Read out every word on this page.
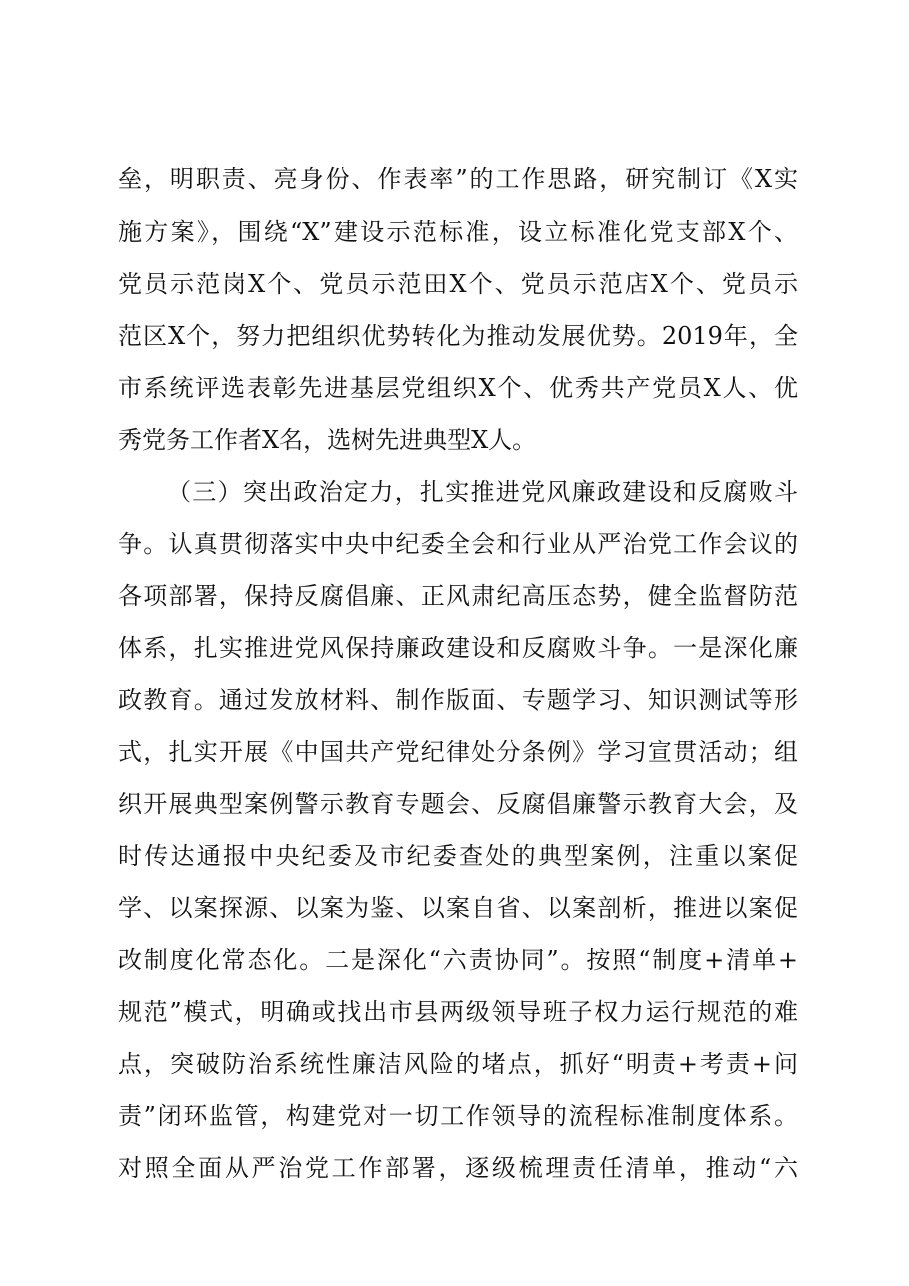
垒，明职责、亮身份、作表率”的工作思路，研究制订《X实
施方案》，围绕“X”建设示范标准，设立标准化党支部X个、
党员示范岗X个、党员示范田X个、党员示范店X个、党员示
范区X个，努力把组织优势转化为推动发展优势。2019年，全
市系统评选表彰先进基层党组织X个、优秀共产党员X人、优
秀党务工作者X名，选树先进典型X人。
（三）突出政治定力，扎实推进党风廉政建设和反腐败斗
争。认真贯彻落实中央中纪委全会和行业从严治党工作会议的
各项部署，保持反腐倡廉、正风肃纪高压态势，健全监督防范
体系，扎实推进党风保持廉政建设和反腐败斗争。一是深化廉
政教育。通过发放材料、制作版面、专题学习、知识测试等形
式，扎实开展《中国共产党纪律处分条例》学习宣贯活动；组
织开展典型案例警示教育专题会、反腐倡廉警示教育大会，及
时传达通报中央纪委及市纪委查处的典型案例，注重以案促
学、以案探源、以案为鉴、以案自省、以案剖析，推进以案促
改制度化常态化。二是深化“六责协同”。按照“制度+清单+
规范”模式，明确或找出市县两级领导班子权力运行规范的难
点，突破防治系统性廉洁风险的堵点，抓好“明责+考责+问
责”闭环监管，构建党对一切工作领导的流程标准制度体系。
对照全面从严治党工作部署，逐级梳理责任清单，推动“六
